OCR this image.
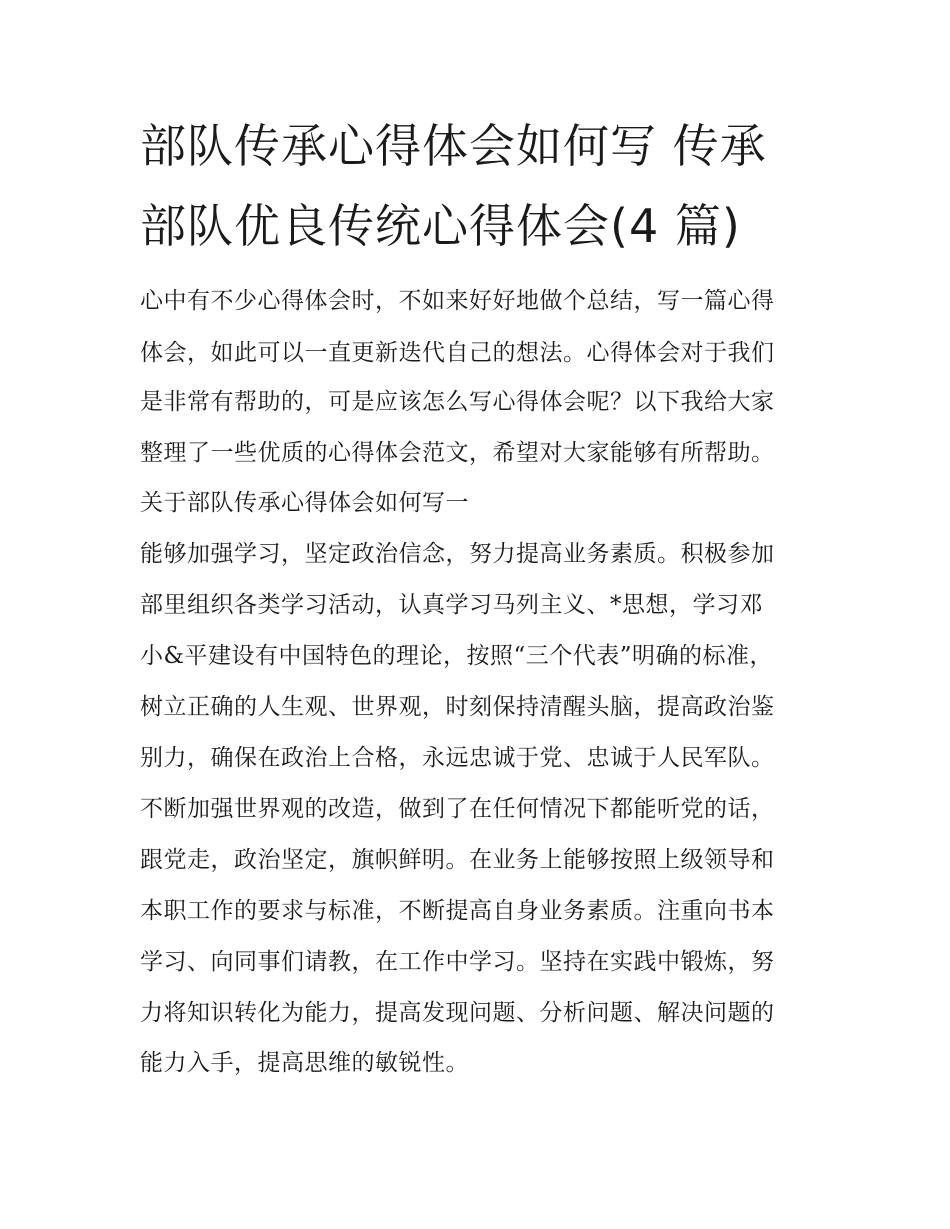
部队传承心得体会如何写 传承
部队优良传统心得体会(4 篇)
心中有不少心得体会时，不如来好好地做个总结，写一篇心得
体会，如此可以一直更新迭代自己的想法。心得体会对于我们
是非常有帮助的，可是应该怎么写心得体会呢？以下我给大家
整理了一些优质的心得体会范文，希望对大家能够有所帮助。
关于部队传承心得体会如何写一
能够加强学习，坚定政治信念，努力提高业务素质。积极参加
部里组织各类学习活动，认真学习马列主义、*思想，学习邓
小&平建设有中国特色的理论，按照“三个代表”明确的标准，
树立正确的人生观、世界观，时刻保持清醒头脑，提高政治鉴
别力，确保在政治上合格，永远忠诚于党、忠诚于人民军队。
不断加强世界观的改造，做到了在任何情况下都能听党的话，
跟党走，政治坚定，旗帜鲜明。在业务上能够按照上级领导和
本职工作的要求与标准，不断提高自身业务素质。注重向书本
学习、向同事们请教，在工作中学习。坚持在实践中锻炼，努
力将知识转化为能力，提高发现问题、分析问题、解决问题的
能力入手，提高思维的敏锐性。
